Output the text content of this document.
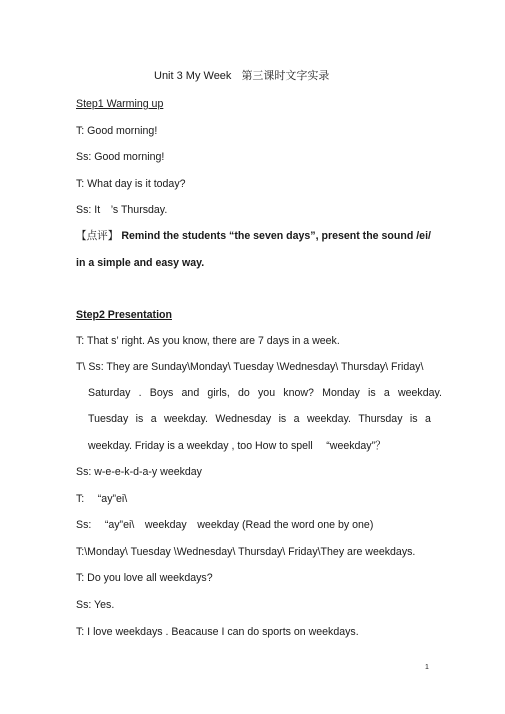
Unit 3 My Week 第三课时文字实录
Step1 Warming up
T: Good morning!
Ss: Good morning!
T: What day is it today?
Ss: It　’s Thursday.
【点评】 Remind the students “the seven days”, present the sound /ei/
in a simple and easy way.
Step2 Presentation
T: That s’ right. As you know, there are 7 days in a week.
T\ Ss: They are Sunday\Monday\ Tuesday \Wednesday\ Thursday\ Friday\
Saturday . Boys and girls, do you know? Monday is a weekday.
Tuesday is a weekday. Wednesday is a weekday. Thursday is a
weekday. Friday is a weekday , too How to spell 　“weekday”？
Ss: w-e-e-k-d-a-y weekday
T: 　“ay”ei\
Ss: 　“ay”ei\　weekday　weekday (Read the word one by one)
T:\Monday\ Tuesday \Wednesday\ Thursday\ Friday\They are weekdays.
T: Do you love all weekdays?
Ss: Yes.
T: I love weekdays . Beacause I can do sports on weekdays.
1
